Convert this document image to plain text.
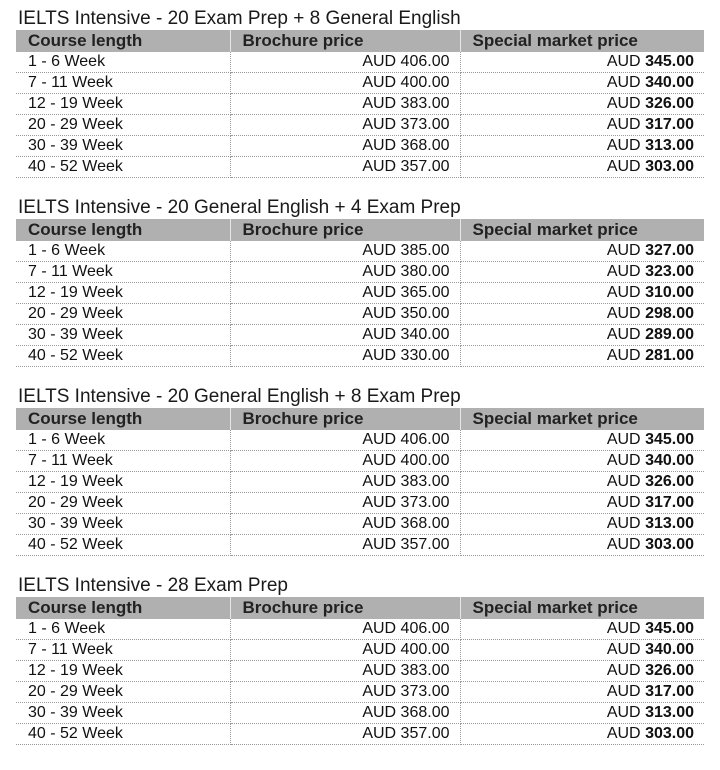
IELTS Intensive - 20 Exam Prep + 8 General English
Course length	Brochure price	Special market price
1 - 6 Week	AUD 406.00	AUD 345.00
7 - 11 Week	AUD 400.00	AUD 340.00
12 - 19 Week	AUD 383.00	AUD 326.00
20 - 29 Week	AUD 373.00	AUD 317.00
30 - 39 Week	AUD 368.00	AUD 313.00
40 - 52 Week	AUD 357.00	AUD 303.00
IELTS Intensive - 20 General English + 4 Exam Prep
Course length	Brochure price	Special market price
1 - 6 Week	AUD 385.00	AUD 327.00
7 - 11 Week	AUD 380.00	AUD 323.00
12 - 19 Week	AUD 365.00	AUD 310.00
20 - 29 Week	AUD 350.00	AUD 298.00
30 - 39 Week	AUD 340.00	AUD 289.00
40 - 52 Week	AUD 330.00	AUD 281.00
IELTS Intensive - 20 General English + 8 Exam Prep
Course length	Brochure price	Special market price
1 - 6 Week	AUD 406.00	AUD 345.00
7 - 11 Week	AUD 400.00	AUD 340.00
12 - 19 Week	AUD 383.00	AUD 326.00
20 - 29 Week	AUD 373.00	AUD 317.00
30 - 39 Week	AUD 368.00	AUD 313.00
40 - 52 Week	AUD 357.00	AUD 303.00
IELTS Intensive - 28 Exam Prep
Course length	Brochure price	Special market price
1 - 6 Week	AUD 406.00	AUD 345.00
7 - 11 Week	AUD 400.00	AUD 340.00
12 - 19 Week	AUD 383.00	AUD 326.00
20 - 29 Week	AUD 373.00	AUD 317.00
30 - 39 Week	AUD 368.00	AUD 313.00
40 - 52 Week	AUD 357.00	AUD 303.00
